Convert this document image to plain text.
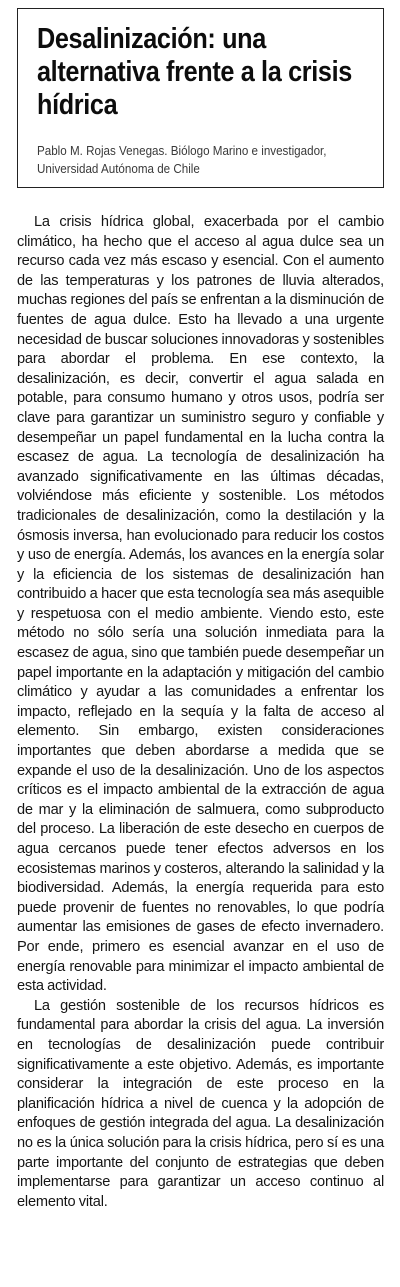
Desalinización: una alternativa frente a la crisis hídrica
Pablo M. Rojas Venegas. Biólogo Marino e investigador, Universidad Autónoma de Chile

La crisis hídrica global, exacerbada por el cambio climático, ha hecho que el acceso al agua dulce sea un recurso cada vez más escaso y esencial. Con el aumento de las temperaturas y los patrones de lluvia alterados, muchas regiones del país se enfrentan a la disminución de fuentes de agua dulce. Esto ha llevado a una urgente necesidad de buscar soluciones innovadoras y sostenibles para abordar el problema. En ese contexto, la desalinización, es decir, convertir el agua salada en potable, para consumo humano y otros usos, podría ser clave para garantizar un suministro seguro y confiable y desempeñar un papel fundamental en la lucha contra la escasez de agua. La tecnología de desalinización ha avanzado significativamente en las últimas décadas, volviéndose más eficiente y sostenible. Los métodos tradicionales de desalinización, como la destilación y la ósmosis inversa, han evolucionado para reducir los costos y uso de energía. Además, los avances en la energía solar y la eficiencia de los sistemas de desalinización han contribuido a hacer que esta tecnología sea más asequible y respetuosa con el medio ambiente. Viendo esto, este método no sólo sería una solución inmediata para la escasez de agua, sino que también puede desempeñar un papel importante en la adaptación y mitigación del cambio climático y ayudar a las comunidades a enfrentar los impacto, reflejado en la sequía y la falta de acceso al elemento. Sin embargo, existen consideraciones importantes que deben abordarse a medida que se expande el uso de la desalinización. Uno de los aspectos críticos es el impacto ambiental de la extracción de agua de mar y la eliminación de salmuera, como subproducto del proceso. La liberación de este desecho en cuerpos de agua cercanos puede tener efectos adversos en los ecosistemas marinos y costeros, alterando la salinidad y la biodiversidad. Además, la energía requerida para esto puede provenir de fuentes no renovables, lo que podría aumentar las emisiones de gases de efecto invernadero. Por ende, primero es esencial avanzar en el uso de energía renovable para minimizar el impacto ambiental de esta actividad.

La gestión sostenible de los recursos hídricos es fundamental para abordar la crisis del agua. La inversión en tecnologías de desalinización puede contribuir significativamente a este objetivo. Además, es importante considerar la integración de este proceso en la planificación hídrica a nivel de cuenca y la adopción de enfoques de gestión integrada del agua. La desalinización no es la única solución para la crisis hídrica, pero sí es una parte importante del conjunto de estrategias que deben implementarse para garantizar un acceso continuo al elemento vital.
